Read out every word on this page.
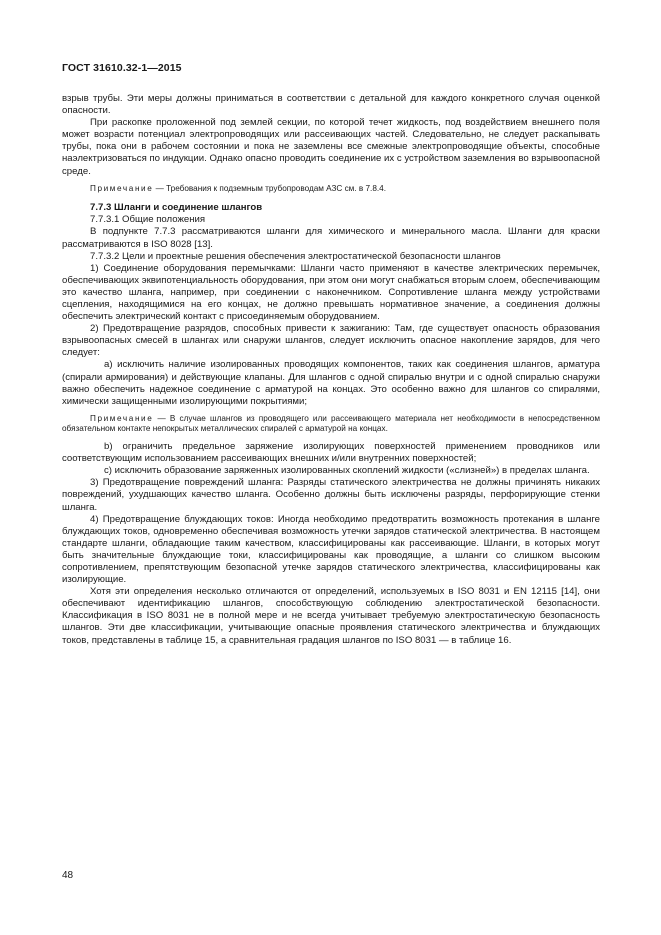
ГОСТ 31610.32-1—2015

взрыв трубы. Эти меры должны приниматься в соответствии с детальной для каждого конкретного случая оценкой опасности.

При раскопке проложенной под землей секции, по которой течет жидкость, под воздействием внешнего поля может возрасти потенциал электропроводящих или рассеивающих частей. Следовательно, не следует раскапывать трубы, пока они в рабочем состоянии и пока не заземлены все смежные электропроводящие объекты, способные наэлектризоваться по индукции. Однако опасно проводить соединение их с устройством заземления во взрывоопасной среде.

Примечание — Требования к подземным трубопроводам АЗС см. в 7.8.4.

7.7.3 Шланги и соединение шлангов

7.7.3.1 Общие положения

В подпункте 7.7.3 рассматриваются шланги для химического и минерального масла. Шланги для краски рассматриваются в ISO 8028 [13].

7.7.3.2 Цели и проектные решения обеспечения электростатической безопасности шлангов

1) Соединение оборудования перемычками: Шланги часто применяют в качестве электрических перемычек, обеспечивающих эквипотенциальность оборудования, при этом они могут снабжаться вторым слоем, обеспечивающим это качество шланга, например, при соединении с наконечником. Сопротивление шланга между устройствами сцепления, находящимися на его концах, не должно превышать нормативное значение, а соединения должны обеспечить электрический контакт с присоединяемым оборудованием.

2) Предотвращение разрядов, способных привести к зажиганию: Там, где существует опасность образования взрывоопасных смесей в шлангах или снаружи шлангов, следует исключить опасное накопление зарядов, для чего следует:

а) исключить наличие изолированных проводящих компонентов, таких как соединения шлангов, арматура (спирали армирования) и действующие клапаны. Для шлангов с одной спиралью внутри и с одной спиралью снаружи важно обеспечить надежное соединение с арматурой на концах. Это особенно важно для шлангов со спиралями, химически защищенными изолирующими покрытиями;

Примечание — В случае шлангов из проводящего или рассеивающего материала нет необходимости в непосредственном обязательном контакте непокрытых металлических спиралей с арматурой на концах.

b) ограничить предельное заряжение изолирующих поверхностей применением проводников или соответствующим использованием рассеивающих внешних и/или внутренних поверхностей;

с) исключить образование заряженных изолированных скоплений жидкости («слизней») в пределах шланга.

3) Предотвращение повреждений шланга: Разряды статического электричества не должны причинять никаких повреждений, ухудшающих качество шланга. Особенно должны быть исключены разряды, перфорирующие стенки шланга.

4) Предотвращение блуждающих токов: Иногда необходимо предотвратить возможность протекания в шланге блуждающих токов, одновременно обеспечивая возможность утечки зарядов статической электричества. В настоящем стандарте шланги, обладающие таким качеством, классифицированы как рассеивающие. Шланги, в которых могут быть значительные блуждающие токи, классифицированы как проводящие, а шланги со слишком высоким сопротивлением, препятствующим безопасной утечке зарядов статического электричества, классифицированы как изолирующие.

Хотя эти определения несколько отличаются от определений, используемых в ISO 8031 и EN 12115 [14], они обеспечивают идентификацию шлангов, способствующую соблюдению электростатической безопасности. Классификация в ISO 8031 не в полной мере и не всегда учитывает требуемую электростатическую безопасность шлангов. Эти две классификации, учитывающие опасные проявления статического электричества и блуждающих токов, представлены в таблице 15, а сравнительная градация шлангов по ISO 8031 — в таблице 16.

48
